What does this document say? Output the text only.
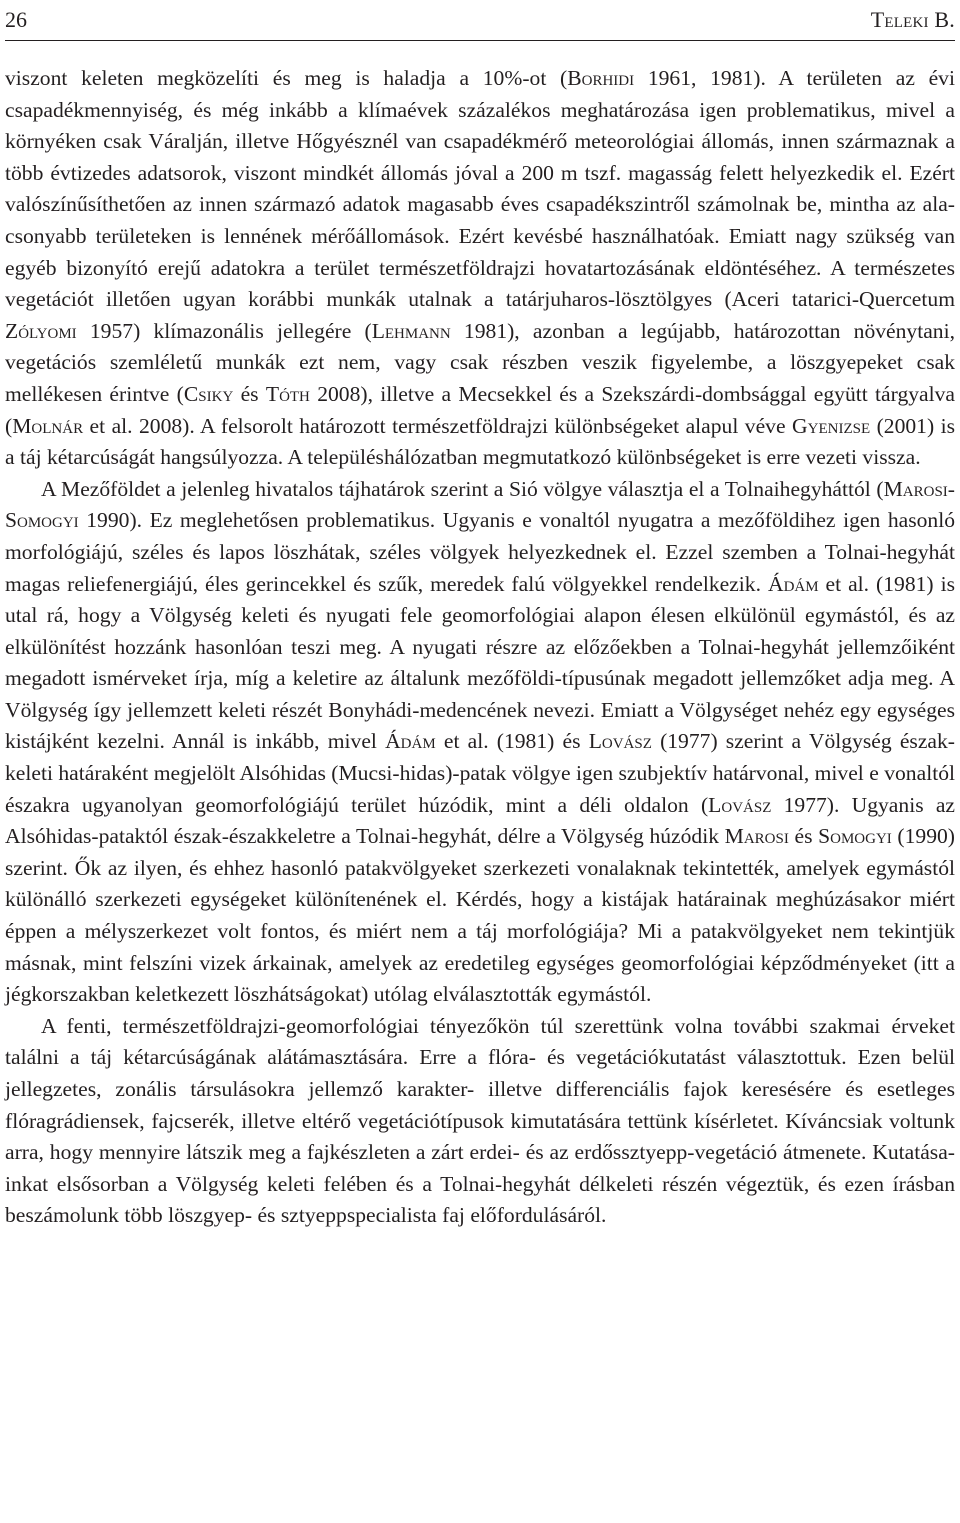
26	Teleki B.

viszont keleten megközelíti és meg is haladja a 10%-ot (Borhidi 1961, 1981). A területen az évi csapadékmennyiség, és még inkább a klímaévek százalékos meghatározása igen problematikus, mivel a környéken csak Váralján, illetve Hőgyésznél van csapadékmérő meteorológiai állomás, innen származnak a több évtizedes adatsorok, viszont mindkét állomás jóval a 200 m tszf. magasság felett helyezkedik el. Ezért valószínűsíthetően az innen származó adatok magasabb éves csapadékszintről számolnak be, mintha az alacsonyabb területeken is lennének mérőállomások. Ezért kevésbé használhatóak. Emiatt nagy szükség van egyéb bizonyító erejű adatokra a terület természetföldrajzi hovatartozásának eldöntéséhez. A természetes vegetációt illetően ugyan korábbi munkák utalnak a tatárjuharos-lösztölgyes (Aceri tatarici-Quercetum Zólyomi 1957) klímazonális jellegére (Lehmann 1981), azonban a legújabb, határozottan növénytani, vegetációs szemléletű munkák ezt nem, vagy csak részben veszik figyelembe, a löszgyepeket csak mellékesen érintve (Csiky és Tóth 2008), illetve a Mecsekkel és a Szekszárdi-dombsággal együtt tárgyalva (Molnár et al. 2008). A felsorolt határozott természetföldrajzi különbségeket alapul véve Gyenizse (2001) is a táj kétarcúságát hangsúlyozza. A településhálózatban megmutatkozó különbségeket is erre vezeti vissza.

A Mezőföldet a jelenleg hivatalos tájhatárok szerint a Sió völgye választja el a Tolnaihegyháttól (Marosi-Somogyi 1990). Ez meglehetősen problematikus. Ugyanis e vonaltól nyugatra a mezőföldihez igen hasonló morfológiájú, széles és lapos löszhátak, széles völgyek helyezkednek el. Ezzel szemben a Tolnai-hegyhát magas reliefenergiájú, éles gerincekkel és szűk, meredek falú völgyekkel rendelkezik. Ádám et al. (1981) is utal rá, hogy a Völgység keleti és nyugati fele geomorfológiai alapon élesen elkülönül egymástól, és az elkülönítést hozzánk hasonlóan teszi meg. A nyugati részre az előzőekben a Tolnai-hegyhát jellemzőiként megadott ismérveket írja, míg a keletire az általunk mezőföldi-típusúnak megadott jellemzőket adja meg. A Völgység így jellemzett keleti részét Bonyhádi-medencének nevezi. Emiatt a Völgységet nehéz egy egységes kistájként kezelni. Annál is inkább, mivel Ádám et al. (1981) és Lovász (1977) szerint a Völgység észak-keleti határaként megjelölt Alsóhidas (Mucsi-hidas)-patak völgye igen szubjektív határvonal, mivel e vonaltól északra ugyanolyan geomorfológiájú terület húzódik, mint a déli oldalon (Lovász 1977). Ugyanis az Alsóhidas-pataktól észak-északkeletre a Tolnai-hegyhát, délre a Völgység húzódik Marosi és Somogyi (1990) szerint. Ők az ilyen, és ehhez hasonló patakvölgyeket szerkezeti vonalaknak tekintették, amelyek egymástól különálló szerkezeti egységeket különítenének el. Kérdés, hogy a kistájak határainak meghúzásakor miért éppen a mélyszerkezet volt fontos, és miért nem a táj morfológiája? Mi a patakvölgyeket nem tekintjük másnak, mint felszíni vizek árkainak, amelyek az eredetileg egységes geomorfológiai képződményeket (itt a jégkorszakban keletkezett löszhátságokat) utólag elválasztották egymástól.

A fenti, természetföldrajzi-geomorfológiai tényezőkön túl szerettünk volna további szakmai érveket találni a táj kétarcúságának alátámasztására. Erre a flóra- és vegetációkutatást választottuk. Ezen belül jellegzetes, zonális társulásokra jellemző karakter- illetve differenciális fajok keresésére és esetleges flóragrádiensek, fajcserék, illetve eltérő vegetációtípusok kimutatására tettünk kísérletet. Kíváncsiak voltunk arra, hogy mennyire látszik meg a fajkészleten a zárt erdei- és az erdőssztyepp-vegetáció átmenete. Kutatásainkat elsősorban a Völgység keleti felében és a Tolnai-hegyhát délkeleti részén végeztük, és ezen írásban beszámolunk több löszgyep- és sztyeppspecialista faj előfordulásáról.
